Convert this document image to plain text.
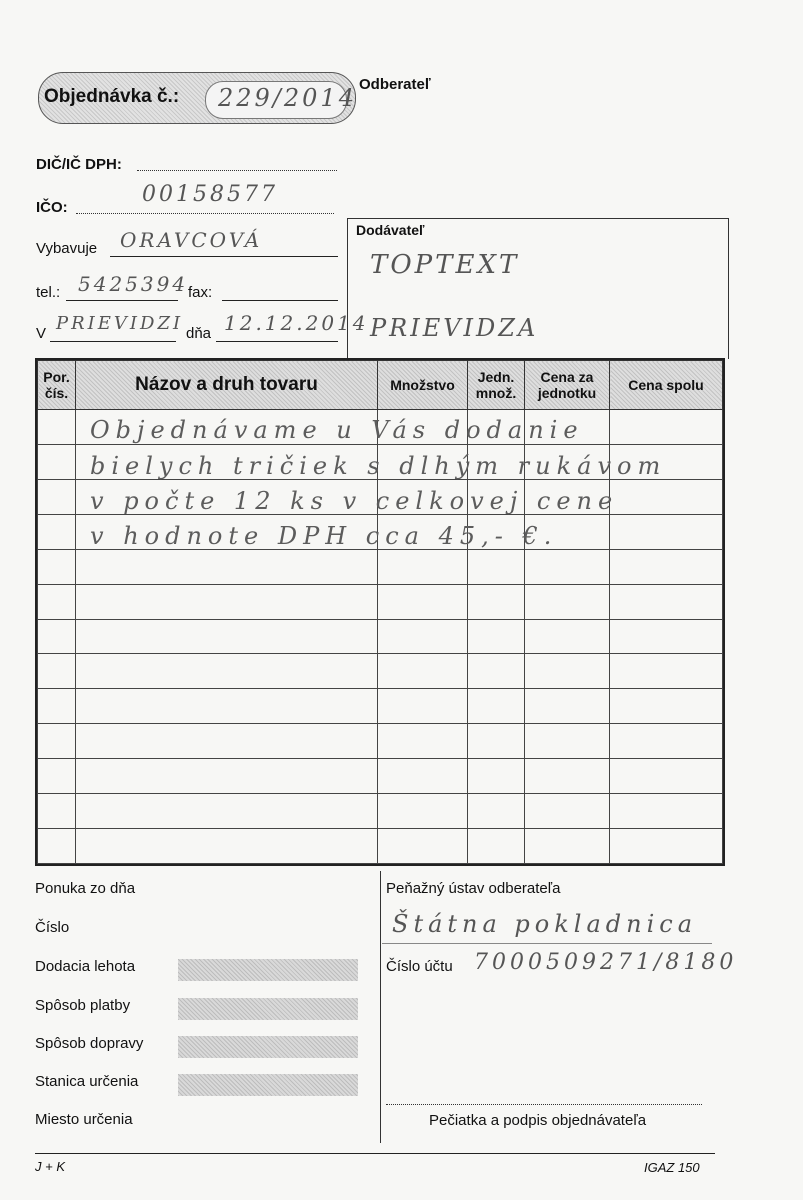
Objednávka č.: 229/2014 Odberateľ
DIČ/IČ DPH:
IČO:
00158577
Vybavuje ORAVCOVÁ
tel.: 5425394 fax:
V PRIEVIDZI dňa 12.12.2014
Dodávateľ
TOPTEXT
PRIEVIDZA
Por. čís.	Názov a druh tovaru	Množstvo	Jedn. množ.	Cena za jednotku	Cena spolu

Objednávame u Vás dodanie
bielych tričiek s dlhým rukávom
v počte 12 ks v celkovej cene
v hodnote DPH cca 45,- €.
Ponuka zo dňa
Číslo
Dodacia lehota
Spôsob platby
Spôsob dopravy
Stanica určenia
Miesto určenia
Peňažný ústav odberateľa
Štátna pokladnica
Číslo účtu 7000509271/8180
Pečiatka a podpis objednávateľa
J + K	IGAZ 150
